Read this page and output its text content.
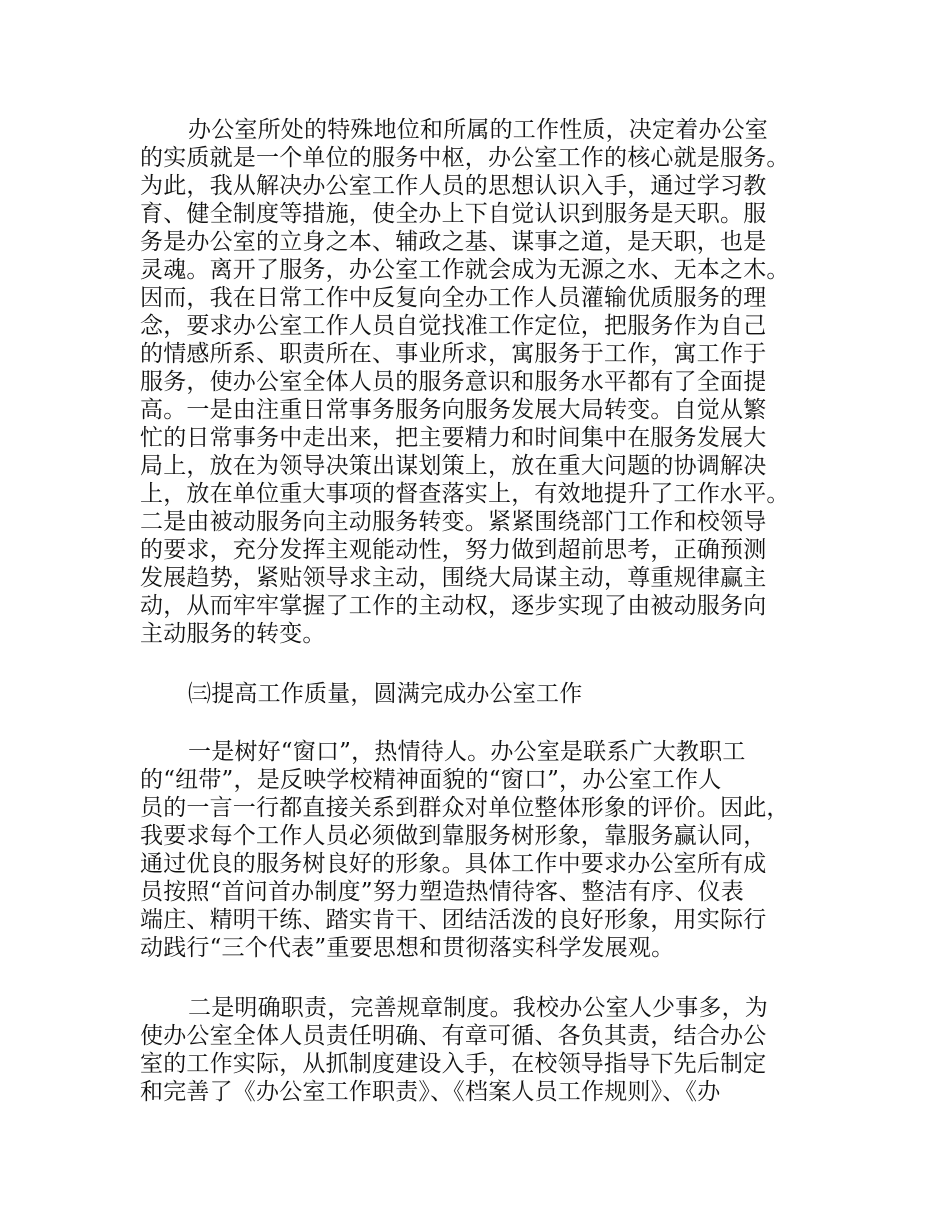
办公室所处的特殊地位和所属的工作性质，决定着办公室
的实质就是一个单位的服务中枢，办公室工作的核心就是服务。
为此，我从解决办公室工作人员的思想认识入手，通过学习教
育、健全制度等措施，使全办上下自觉认识到服务是天职。服
务是办公室的立身之本、辅政之基、谋事之道，是天职，也是
灵魂。离开了服务，办公室工作就会成为无源之水、无本之木。
因而，我在日常工作中反复向全办工作人员灌输优质服务的理
念，要求办公室工作人员自觉找准工作定位，把服务作为自己
的情感所系、职责所在、事业所求，寓服务于工作，寓工作于
服务，使办公室全体人员的服务意识和服务水平都有了全面提
高。一是由注重日常事务服务向服务发展大局转变。自觉从繁
忙的日常事务中走出来，把主要精力和时间集中在服务发展大
局上，放在为领导决策出谋划策上，放在重大问题的协调解决
上，放在单位重大事项的督查落实上，有效地提升了工作水平。
二是由被动服务向主动服务转变。紧紧围绕部门工作和校领导
的要求，充分发挥主观能动性，努力做到超前思考，正确预测
发展趋势，紧贴领导求主动，围绕大局谋主动，尊重规律赢主
动，从而牢牢掌握了工作的主动权，逐步实现了由被动服务向
主动服务的转变。
㈢提高工作质量，圆满完成办公室工作
一是树好“窗口”，热情待人。办公室是联系广大教职工
的“纽带”，是反映学校精神面貌的“窗口”，办公室工作人
员的一言一行都直接关系到群众对单位整体形象的评价。因此，
我要求每个工作人员必须做到靠服务树形象，靠服务赢认同，
通过优良的服务树良好的形象。具体工作中要求办公室所有成
员按照“首问首办制度”努力塑造热情待客、整洁有序、仪表
端庄、精明干练、踏实肯干、团结活泼的良好形象，用实际行
动践行“三个代表”重要思想和贯彻落实科学发展观。
二是明确职责，完善规章制度。我校办公室人少事多，为
使办公室全体人员责任明确、有章可循、各负其责，结合办公
室的工作实际，从抓制度建设入手，在校领导指导下先后制定
和完善了《办公室工作职责》、《档案人员工作规则》、《办
